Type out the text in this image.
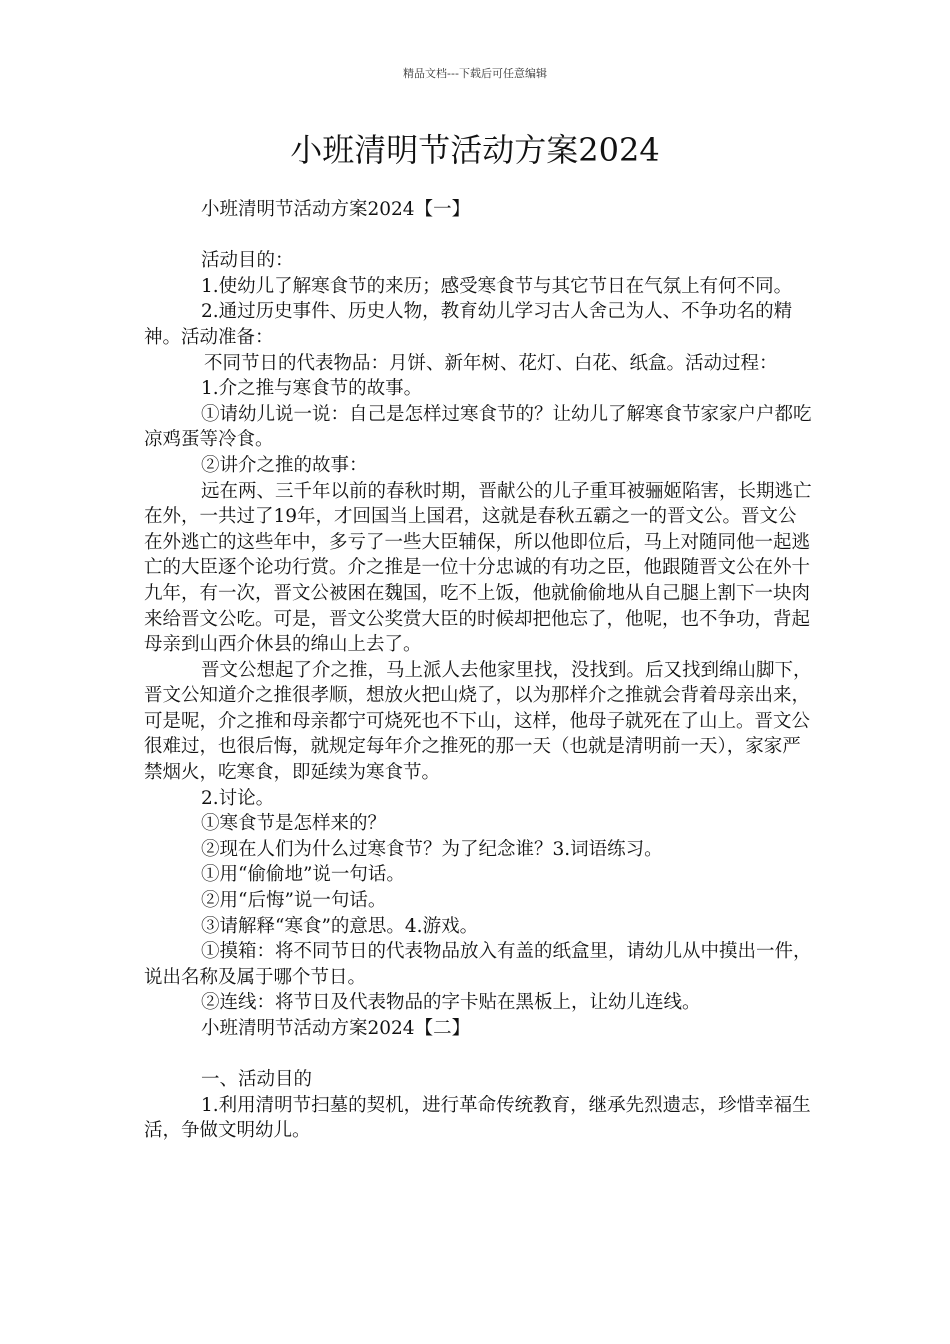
精品文档---下载后可任意编辑
小班清明节活动方案2024

小班清明节活动方案2024【一】

活动目的：

1.使幼儿了解寒食节的来历；感受寒食节与其它节日在气氛上有何不同。

2.通过历史事件、历史人物，教育幼儿学习古人舍己为人、不争功名的精神。活动准备：

不同节日的代表物品：月饼、新年树、花灯、白花、纸盒。活动过程：

1.介之推与寒食节的故事。

①请幼儿说一说：自己是怎样过寒食节的？让幼儿了解寒食节家家户户都吃凉鸡蛋等冷食。

②讲介之推的故事：

远在两、三千年以前的春秋时期，晋献公的儿子重耳被骊姬陷害，长期逃亡在外，一共过了19年，才回国当上国君，这就是春秋五霸之一的晋文公。晋文公在外逃亡的这些年中，多亏了一些大臣辅保，所以他即位后，马上对随同他一起逃亡的大臣逐个论功行赏。介之推是一位十分忠诚的有功之臣，他跟随晋文公在外十九年，有一次，晋文公被困在魏国，吃不上饭，他就偷偷地从自己腿上割下一块肉来给晋文公吃。可是，晋文公奖赏大臣的时候却把他忘了，他呢，也不争功，背起母亲到山西介休县的绵山上去了。

晋文公想起了介之推，马上派人去他家里找，没找到。后又找到绵山脚下，晋文公知道介之推很孝顺，想放火把山烧了，以为那样介之推就会背着母亲出来，可是呢，介之推和母亲都宁可烧死也不下山，这样，他母子就死在了山上。晋文公很难过，也很后悔，就规定每年介之推死的那一天（也就是清明前一天），家家严禁烟火，吃寒食，即延续为寒食节。

2.讨论。

①寒食节是怎样来的？

②现在人们为什么过寒食节？为了纪念谁？3.词语练习。

①用“偷偷地”说一句话。

②用“后悔”说一句话。

③请解释“寒食”的意思。4.游戏。

①摸箱：将不同节日的代表物品放入有盖的纸盒里，请幼儿从中摸出一件，说出名称及属于哪个节日。

②连线：将节日及代表物品的字卡贴在黑板上，让幼儿连线。

小班清明节活动方案2024【二】

一、活动目的

1.利用清明节扫墓的契机，进行革命传统教育，继承先烈遗志，珍惜幸福生活，争做文明幼儿。
